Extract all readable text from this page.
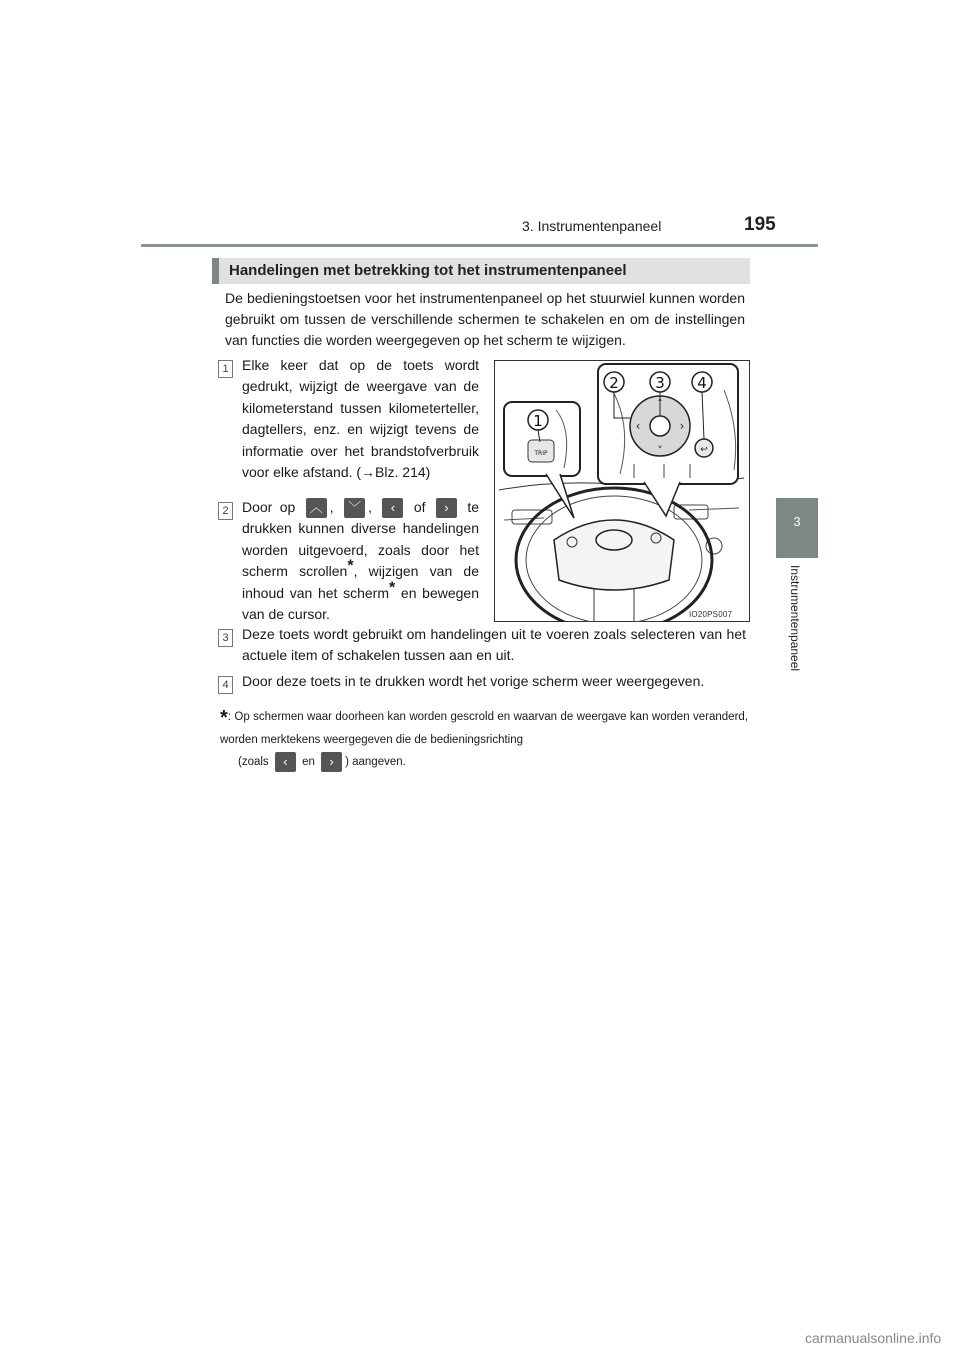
3. Instrumentenpaneel	195
3
Instrumentenpaneel
Handelingen met betrekking tot het instrumentenpaneel
De bedieningstoetsen voor het instrumentenpaneel op het stuurwiel kunnen worden gebruikt om tussen de verschillende schermen te schakelen en om de instellingen van functies die worden weergegeven op het scherm te wijzigen.
1 Elke keer dat op de toets wordt gedrukt, wijzigt de weergave van de kilometerstand tussen kilometerteller, dagtellers, enz. en wijzigt tevens de informatie over het brandstofverbruik voor elke afstand. (→Blz. 214)
2 Door op ︿ , ﹀ , ‹ of › te drukken kunnen diverse handelingen worden uitgevoerd, zoals door het scherm scrollen*, wijzigen van de inhoud van het scherm* en bewegen van de cursor.
3 Deze toets wordt gebruikt om handelingen uit te voeren zoals selecteren van het actuele item of schakelen tussen aan en uit.
4 Door deze toets in te drukken wordt het vorige scherm weer weergegeven.
*: Op schermen waar doorheen kan worden gescrold en waarvan de weergave kan worden veranderd, worden merktekens weergegeven die de bedieningsrichting
(zoals ‹ en › ) aangeven.
TRIP
1
˄
˅
‹	›
↩
2 3 4
IO20PS007
carmanualsonline.info
